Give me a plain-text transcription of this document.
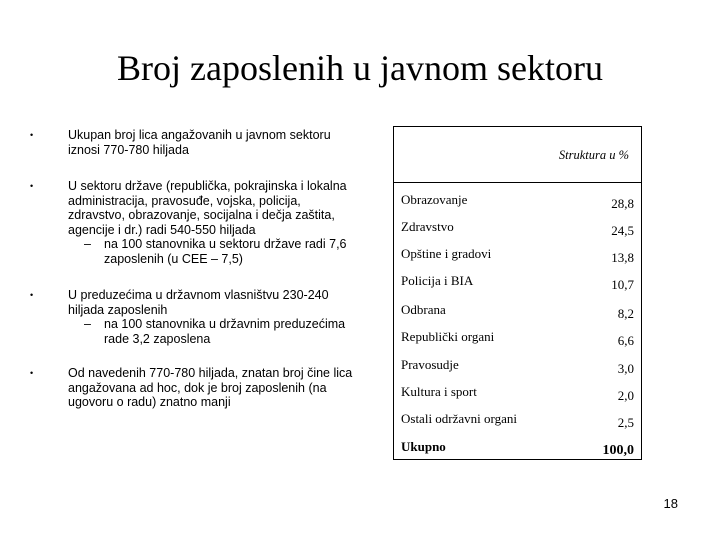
Broj zaposlenih u javnom sektoru
•	Ukupan broj lica angažovanih u javnom sektoru iznosi 770-780 hiljada
•	U sektoru države (republička, pokrajinska i lokalna administracija, pravosuđe, vojska, policija, zdravstvo, obrazovanje, socijalna i dečja zaštita, agencije i dr.) radi 540-550 hiljada
– na 100 stanovnika u sektoru države radi 7,6 zaposlenih (u CEE – 7,5)
•	U preduzećima u državnom vlasništvu 230-240 hiljada zaposlenih
– na 100 stanovnika u državnim preduzećima rade 3,2 zaposlena
•	Od navedenih 770-780 hiljada, znatan broj čine lica angažovana ad hoc, dok je broj zaposlenih (na ugovoru o radu) znatno manji
Struktura u %
Obrazovanje	28,8
Zdravstvo	24,5
Opštine i gradovi	13,8
Policija i BIA	10,7
Odbrana	8,2
Republički organi	6,6
Pravosudje	3,0
Kultura i sport	2,0
Ostali održavni organi	2,5
Ukupno	100,0
18
